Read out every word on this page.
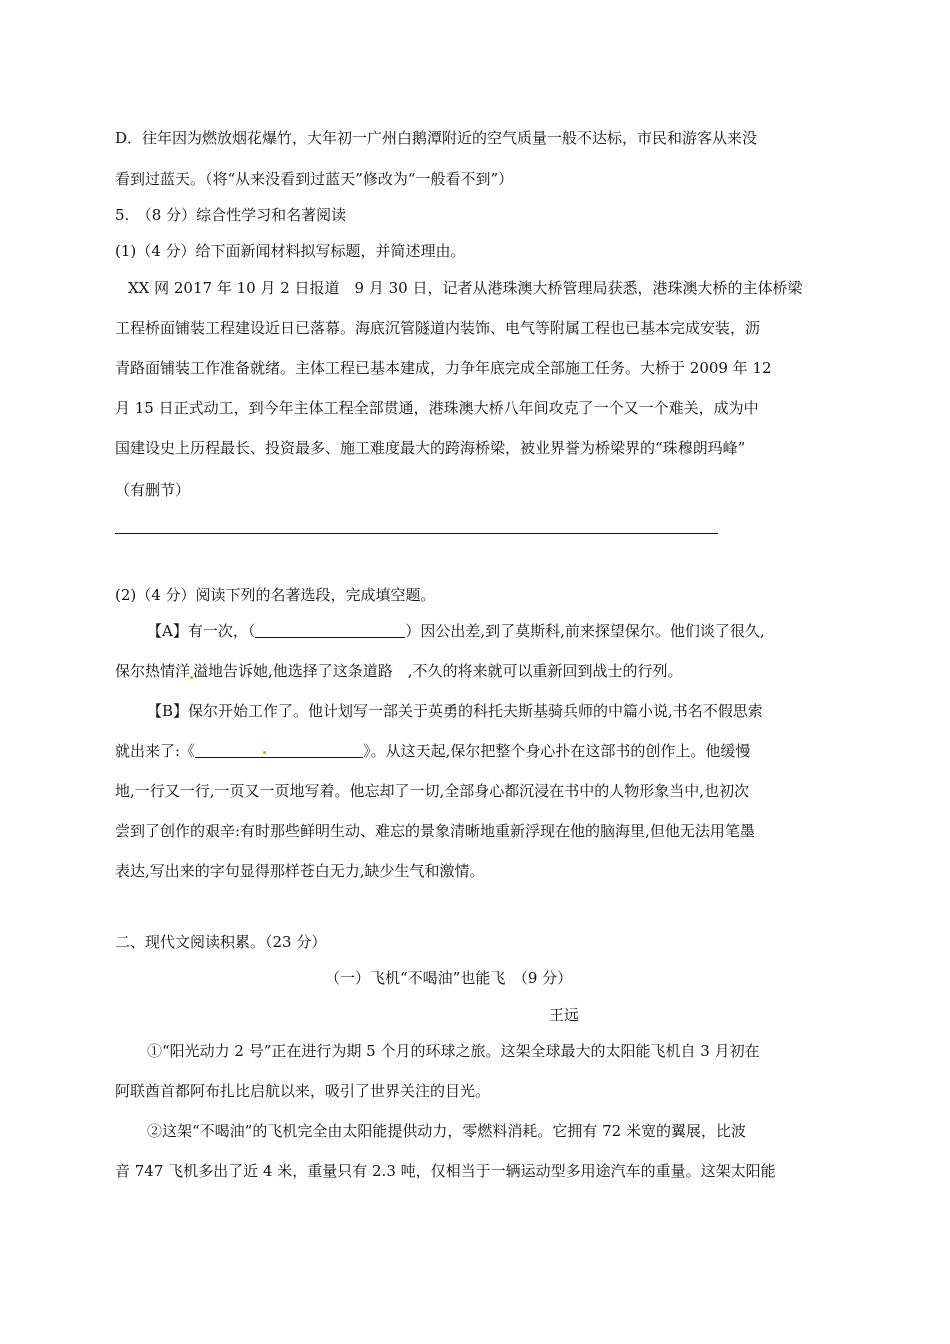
D．往年因为燃放烟花爆竹，大年初一广州白鹅潭附近的空气质量一般不达标，市民和游客从来没
看到过蓝天。（将“从来没看到过蓝天”修改为“一般看不到”）
5.　（8 分）综合性学习和名著阅读
(1)（4 分）给下面新闻材料拟写标题，并简述理由。
XX 网 2017 年 10 月 2 日报道　9 月 30 日，记者从港珠澳大桥管理局获悉，港珠澳大桥的主体桥梁
工程桥面铺装工程建设近日已落幕。海底沉管隧道内装饰、电气等附属工程也已基本完成安装，沥
青路面铺装工作准备就绪。主体工程已基本建成，力争年底完成全部施工任务。大桥于 2009 年 12
月 15 日正式动工，到今年主体工程全部贯通，港珠澳大桥八年间攻克了一个又一个难关，成为中
国建设史上历程最长、投资最多、施工难度最大的跨海桥梁，被业界誉为桥梁界的“珠穆朗玛峰”
（有删节）
(2)（4 分）阅读下列的名著选段，完成填空题。
【A】有一次，（	）因公出差,到了莫斯科,前来探望保尔。他们谈了很久,
保尔热情洋 溢地告诉她,他选择了这条道路　,不久的将来就可以重新回到战士的行列。
【B】保尔开始工作了。他计划写一部关于英勇的科托夫斯基骑兵师的中篇小说,书名不假思索
就出来了:《	》。从这天起,保尔把整个身心扑在这部书的创作上。他缓慢
地,一行又一行,一页又一页地写着。他忘却了一切,全部身心都沉浸在书中的人物形象当中,也初次
尝到了创作的艰辛:有时那些鲜明生动、难忘的景象清晰地重新浮现在他的脑海里,但他无法用笔墨
表达,写出来的字句显得那样苍白无力,缺少生气和激情。
二、现代文阅读积累。（23 分）
（一）飞机“不喝油”也能飞　（9 分）
王远
①“阳光动力 2 号”正在进行为期 5 个月的环球之旅。这架全球最大的太阳能飞机自 3 月初在
阿联酋首都阿布扎比启航以来，吸引了世界关注的目光。
②这架“不喝油”的飞机完全由太阳能提供动力，零燃料消耗。它拥有 72 米宽的翼展，比波
音 747 飞机多出了近 4 米，重量只有 2.3 吨，仅相当于一辆运动型多用途汽车的重量。这架太阳能
